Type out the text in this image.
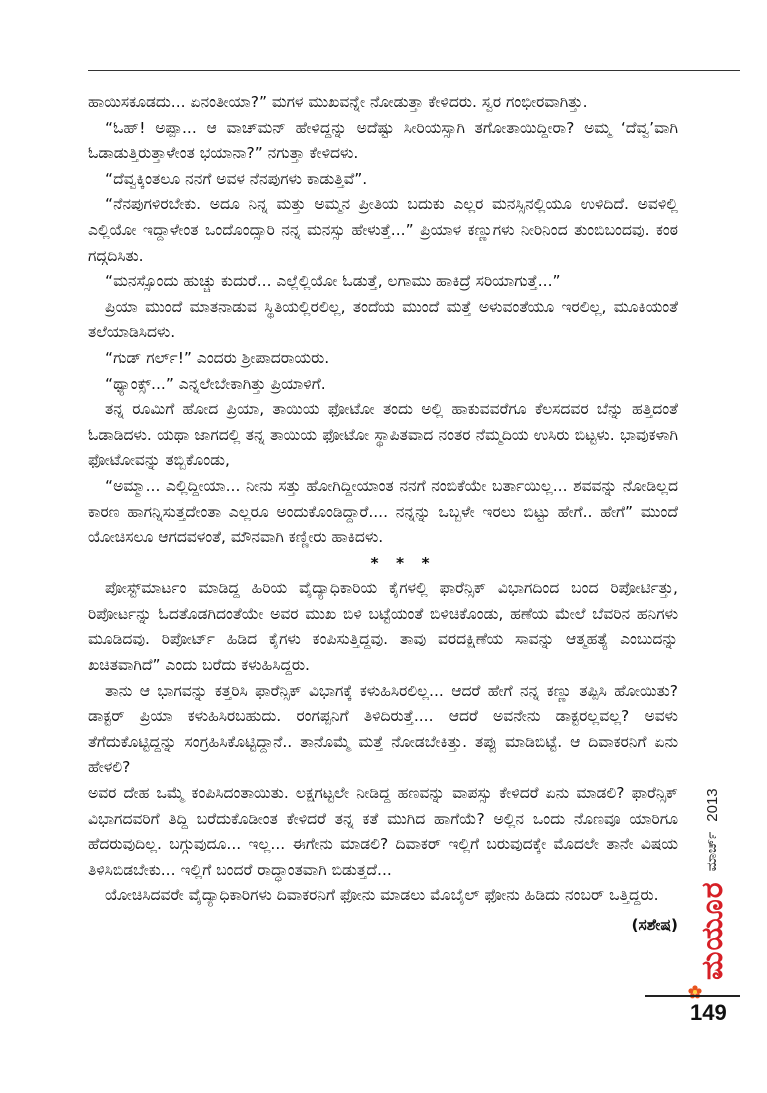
ಹಾಯಿಸಕೂಡದು... ಏನಂತೀಯಾ?” ಮಗಳ ಮುಖವನ್ನೇ ನೋಡುತ್ತಾ ಕೇಳಿದರು. ಸ್ವರ ಗಂಭೀರವಾಗಿತ್ತು.

“ಓಹ್! ಅಪ್ಪಾ... ಆ ವಾಚ್‌ಮನ್ ಹೇಳಿದ್ದನ್ನು ಅದೆಷ್ಟು ಸೀರಿಯಸ್ಸಾಗಿ ತಗೋತಾಯಿದ್ದೀರಾ? ಅಮ್ಮ ‘ದೆವ್ವ’ವಾಗಿ ಓಡಾಡುತ್ತಿರುತ್ತಾಳೇಂತ ಭಯಾನಾ?” ನಗುತ್ತಾ ಕೇಳಿದಳು.

“ದೆವ್ವಕ್ಕಿಂತಲೂ ನನಗೆ ಅವಳ ನೆನಪುಗಳು ಕಾಡುತ್ತಿವೆ”.

“ನೆನಪುಗಳಿರಬೇಕು. ಅದೂ ನಿನ್ನ ಮತ್ತು ಅಮ್ಮನ ಪ್ರೀತಿಯ ಬದುಕು ಎಲ್ಲರ ಮನಸ್ಸಿನಲ್ಲಿಯೂ ಉಳಿದಿದೆ. ಅವಳಿಲ್ಲಿ ಎಲ್ಲಿಯೋ ಇದ್ದಾಳೇಂತ ಒಂದೊಂದ್ಸಾರಿ ನನ್ನ ಮನಸ್ಸು ಹೇಳುತ್ತೆ...” ಪ್ರಿಯಾಳ ಕಣ್ಣುಗಳು ನೀರಿನಿಂದ ತುಂಬಿಬಂದವು. ಕಂಠ ಗದ್ಗದಿಸಿತು.

“ಮನಸ್ಸೊಂದು ಹುಚ್ಚು ಕುದುರೆ... ಎಲ್ಲೆಲ್ಲಿಯೋ ಓಡುತ್ತೆ, ಲಗಾಮು ಹಾಕಿದ್ರೆ ಸರಿಯಾಗುತ್ತೆ...”

ಪ್ರಿಯಾ ಮುಂದೆ ಮಾತನಾಡುವ ಸ್ಥಿತಿಯಲ್ಲಿರಲಿಲ್ಲ, ತಂದೆಯ ಮುಂದೆ ಮತ್ತೆ ಅಳುವಂತೆಯೂ ಇರಲಿಲ್ಲ, ಮೂಕಿಯಂತೆ ತಲೆಯಾಡಿಸಿದಳು.

“ಗುಡ್ ಗರ್ಲ್!” ಎಂದರು ಶ್ರೀಪಾದರಾಯರು.

“ಥ್ಯಾಂಕ್ಸ್...” ಎನ್ನಲೇಬೇಕಾಗಿತ್ತು ಪ್ರಿಯಾಳಿಗೆ.

ತನ್ನ ರೂಮಿಗೆ ಹೋದ ಪ್ರಿಯಾ, ತಾಯಿಯ ಫೋಟೋ ತಂದು ಅಲ್ಲಿ ಹಾಕುವವರೆಗೂ ಕೆಲಸದವರ ಬೆನ್ನು ಹತ್ತಿದಂತೆ ಓಡಾಡಿದಳು. ಯಥಾ ಜಾಗದಲ್ಲಿ ತನ್ನ ತಾಯಿಯ ಫೋಟೋ ಸ್ಥಾಪಿತವಾದ ನಂತರ ನೆಮ್ಮದಿಯ ಉಸಿರು ಬಿಟ್ಟಳು. ಭಾವುಕಳಾಗಿ ಫೋಟೋವನ್ನು ತಬ್ಬಿಕೊಂಡು,

“ಅಮ್ಮಾ... ಎಲ್ಲಿದ್ದೀಯಾ... ನೀನು ಸತ್ತು ಹೋಗಿದ್ದೀಯಾಂತ ನನಗೆ ನಂಬಿಕೆಯೇ ಬರ್ತಾಯಿಲ್ಲ... ಶವವನ್ನು ನೋಡಿಲ್ಲದ ಕಾರಣ ಹಾಗನ್ನಿಸುತ್ತದೇಂತಾ ಎಲ್ಲರೂ ಅಂದುಕೊಂಡಿದ್ದಾರೆ.... ನನ್ನನ್ನು ಒಬ್ಬಳೇ ಇರಲು ಬಿಟ್ಟು ಹೇಗೆ.. ಹೇಗೆ” ಮುಂದೆ ಯೋಚಿಸಲೂ ಆಗದವಳಂತೆ, ಮೌನವಾಗಿ ಕಣ್ಣೀರು ಹಾಕಿದಳು.

* * *

ಪೋಸ್ಟ್‌ಮಾರ್ಟಂ ಮಾಡಿದ್ದ ಹಿರಿಯ ವೈದ್ಯಾಧಿಕಾರಿಯ ಕೈಗಳಲ್ಲಿ ಫಾರೆನ್ಸಿಕ್ ವಿಭಾಗದಿಂದ ಬಂದ ರಿಪೋರ್ಟಿತ್ತು, ರಿಪೋರ್ಟನ್ನು ಓದತೊಡಗಿದಂತೆಯೇ ಅವರ ಮುಖ ಬಿಳಿ ಬಟ್ಟೆಯಂತೆ ಬಿಳಿಚಿಕೊಂಡು, ಹಣೆಯ ಮೇಲೆ ಬೆವರಿನ ಹನಿಗಳು ಮೂಡಿದವು. ರಿಪೋರ್ಟ್ ಹಿಡಿದ ಕೈಗಳು ಕಂಪಿಸುತ್ತಿದ್ದವು. ತಾವು ವರದಕ್ಷಿಣೆಯ ಸಾವನ್ನು ಆತ್ಮಹತ್ಯೆ ಎಂಬುದನ್ನು ಖಚಿತವಾಗಿದೆ” ಎಂದು ಬರೆದು ಕಳುಹಿಸಿದ್ದರು.

ತಾನು ಆ ಭಾಗವನ್ನು ಕತ್ತರಿಸಿ ಫಾರೆನ್ಸಿಕ್ ವಿಭಾಗಕ್ಕೆ ಕಳುಹಿಸಿರಲಿಲ್ಲ... ಆದರೆ ಹೇಗೆ ನನ್ನ ಕಣ್ಣು ತಪ್ಪಿಸಿ ಹೋಯಿತು? ಡಾಕ್ಟರ್ ಪ್ರಿಯಾ ಕಳುಹಿಸಿರಬಹುದು. ರಂಗಪ್ಪನಿಗೆ ತಿಳಿದಿರುತ್ತೆ.... ಆದರೆ ಅವನೇನು ಡಾಕ್ಟರಲ್ಲವಲ್ಲ? ಅವಳು ತೆಗೆದುಕೊಟ್ಟಿದ್ದನ್ನು ಸಂಗ್ರಹಿಸಿಕೊಟ್ಟಿದ್ದಾನೆ.. ತಾನೊಮ್ಮೆ ಮತ್ತೆ ನೋಡಬೇಕಿತ್ತು. ತಪ್ಪು ಮಾಡಿಬಿಟ್ಟೆ. ಆ ದಿವಾಕರನಿಗೆ ಏನು ಹೇಳಲಿ?

ಅವರ ದೇಹ ಒಮ್ಮೆ ಕಂಪಿಸಿದಂತಾಯಿತು. ಲಕ್ಷಗಟ್ಟಲೇ ನೀಡಿದ್ದ ಹಣವನ್ನು ವಾಪಸ್ಸು ಕೇಳಿದರೆ ಏನು ಮಾಡಲಿ? ಫಾರೆನ್ಸಿಕ್ ವಿಭಾಗದವರಿಗೆ ತಿದ್ದಿ ಬರೆದುಕೊಡೀಂತ ಕೇಳಿದರೆ ತನ್ನ ಕತೆ ಮುಗಿದ ಹಾಗೆಯೆ? ಅಲ್ಲಿನ ಒಂದು ನೊಣವೂ ಯಾರಿಗೂ ಹೆದರುವುದಿಲ್ಲ. ಬಗ್ಗುವುದೂ... ಇಲ್ಲ... ಈಗೇನು ಮಾಡಲಿ? ದಿವಾಕರ್ ಇಲ್ಲಿಗೆ ಬರುವುದಕ್ಕೇ ಮೊದಲೇ ತಾನೇ ವಿಷಯ ತಿಳಿಸಿಬಿಡಬೇಕು... ಇಲ್ಲಿಗೆ ಬಂದರೆ ರಾದ್ಧಾಂತವಾಗಿ ಬಿಡುತ್ತದೆ...

ಯೋಚಿಸಿದವರೇ ವೈದ್ಯಾಧಿಕಾರಿಗಳು ದಿವಾಕರನಿಗೆ ಫೋನು ಮಾಡಲು ಮೊಬೈಲ್ ಫೋನು ಹಿಡಿದು ನಂಬರ್ ಒತ್ತಿದ್ದರು.

(ಸಶೇಷ) ಮಯೂರ
ಮಾರ್ಚ್
2013
149
